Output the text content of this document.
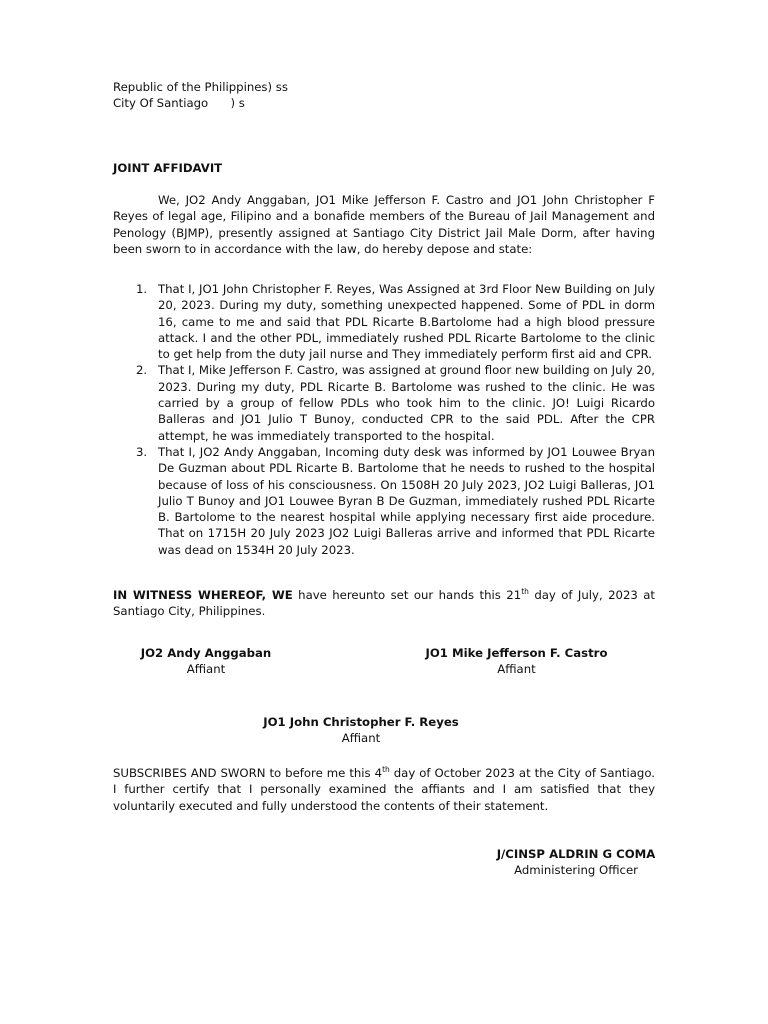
Republic of the Philippines) ss
City Of Santiago      ) s
JOINT AFFIDAVIT

We, JO2 Andy Anggaban, JO1 Mike Jefferson F. Castro and JO1 John Christopher F Reyes of legal age, Filipino and a bonafide members of the Bureau of Jail Management and Penology (BJMP), presently assigned at Santiago City District Jail Male Dorm, after having been sworn to in accordance with the law, do hereby depose and state:

1. That I, JO1 John Christopher F. Reyes, Was Assigned at 3rd Floor New Building on July 20, 2023. During my duty, something unexpected happened. Some of PDL in dorm 16, came to me and said that PDL Ricarte B.Bartolome had a high blood pressure attack. I and the other PDL, immediately rushed PDL Ricarte Bartolome to the clinic to get help from the duty jail nurse and They immediately perform first aid and CPR.
2. That I, Mike Jefferson F. Castro, was assigned at ground floor new building on July 20, 2023. During my duty, PDL Ricarte B. Bartolome was rushed to the clinic. He was carried by a group of fellow PDLs who took him to the clinic. JO! Luigi Ricardo Balleras and JO1 Julio T Bunoy, conducted CPR to the said PDL. After the CPR attempt, he was immediately transported to the hospital.
3. That I, JO2 Andy Anggaban, Incoming duty desk was informed by JO1 Louwee Bryan De Guzman about PDL Ricarte B. Bartolome that he needs to rushed to the hospital because of loss of his consciousness. On 1508H 20 July 2023, JO2 Luigi Balleras, JO1 Julio T Bunoy and JO1 Louwee Byran B De Guzman, immediately rushed PDL Ricarte B. Bartolome to the nearest hospital while applying necessary first aide procedure. That on 1715H 20 July 2023 JO2 Luigi Balleras arrive and informed that PDL Ricarte was dead on 1534H 20 July 2023.

IN WITNESS WHEREOF, WE have hereunto set our hands this 21th day of July, 2023 at Santiago City, Philippines.

JO2 Andy Anggaban
Affiant
JO1 Mike Jefferson F. Castro
Affiant
JO1 John Christopher F. Reyes
Affiant

SUBSCRIBES AND SWORN to before me this 4th day of October 2023 at the City of Santiago. I further certify that I personally examined the affiants and I am satisfied that they voluntarily executed and fully understood the contents of their statement.

J/CINSP ALDRIN G COMA
Administering Officer
